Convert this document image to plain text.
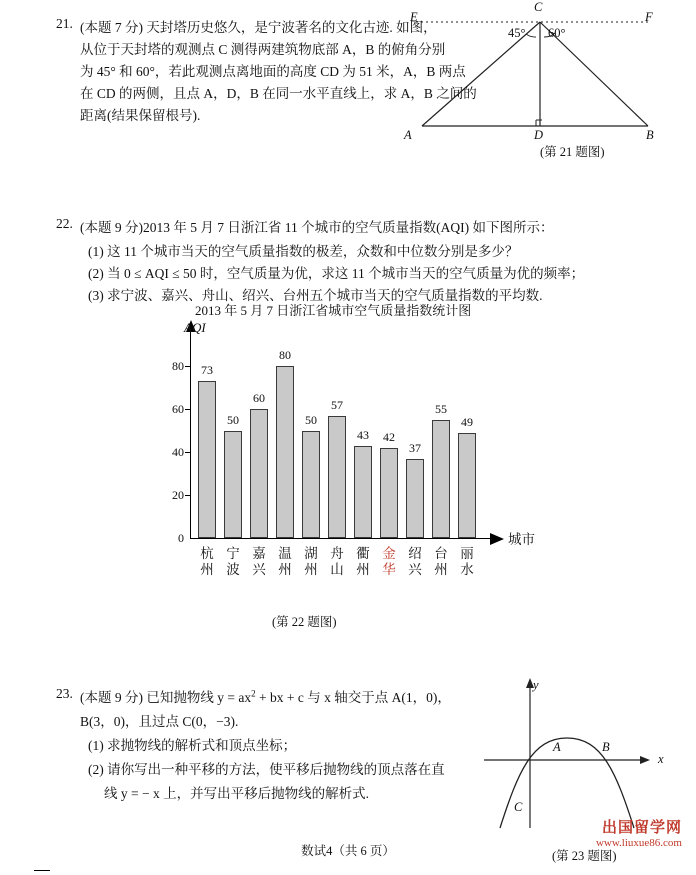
21. (本题 7 分) 天封塔历史悠久，是宁波著名的文化古迹. 如图，
从位于天封塔的观测点 C 测得两建筑物底部 A，B 的俯角分别
为 45° 和 60°，若此观测点离地面的高度 CD 为 51 米，A，B 两点
在 CD 的两侧，且点 A，D，B 在同一水平直线上，求 A，B 之间的
距离(结果保留根号).
E
C
F
45° 60°
A	D	B
(第 21 题图)
22. (本题 9 分)2013 年 5 月 7 日浙江省 11 个城市的空气质量指数(AQI) 如下图所示：
(1) 这 11 个城市当天的空气质量指数的极差，众数和中位数分别是多少？
(2) 当 0 ≤ AQI ≤ 50 时，空气质量为优，求这 11 个城市当天的空气质量为优的频率；
(3) 求宁波、嘉兴、舟山、绍兴、台州五个城市当天的空气质量指数的平均数.
2013 年 5 月 7 日浙江省城市空气质量指数统计图
0
20
40
60
80	73
50
60
80
50
57
43	42
37
55
49
杭州
宁波
嘉兴
温州
湖州
舟山
衢州
金华
绍兴
台州
丽水
AQI
城市
(第 22 题图)
23. (本题 9 分) 已知抛物线 $y = ax^2$ + bx + c 与 x 轴交于点 A(1，0)，
B(3，0)，且过点 C(0，−3).
(1) 求抛物线的解析式和顶点坐标；
(2) 请你写出一种平移的方法，使平移后抛物线的顶点落在直
线 y = − x 上，并写出平移后抛物线的解析式.
y
x
A	B
C
(第 23 题图)
数试4（共 6 页）
出国留学网
www.liuxue86.com
